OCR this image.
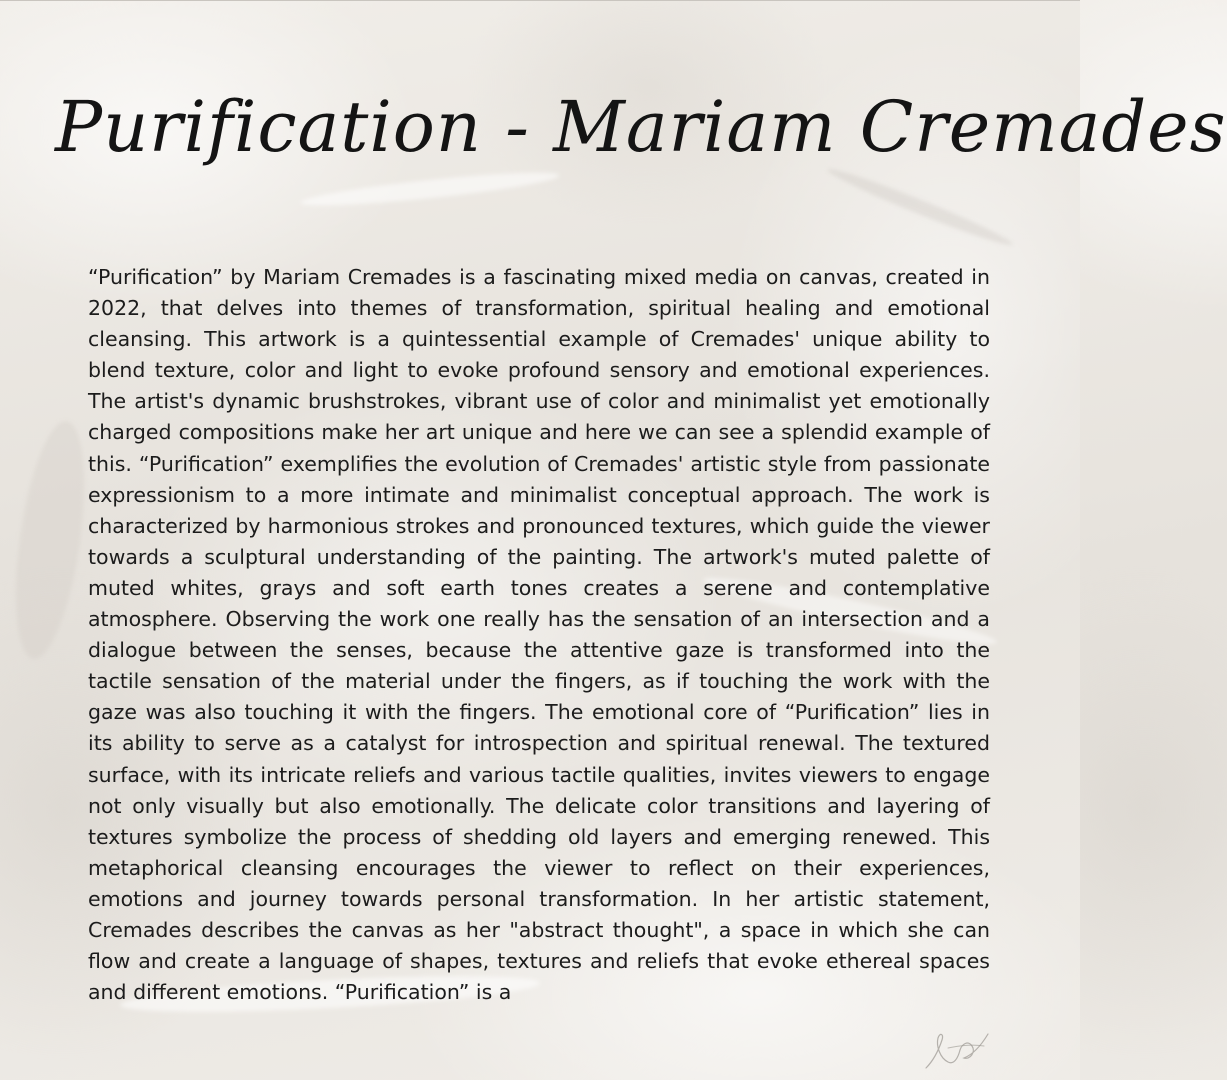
Purification - Mariam Cremades

“Purification” by Mariam Cremades is a fascinating mixed media on canvas, created in 2022, that delves into themes of transformation, spiritual healing and emotional cleansing. This artwork is a quintessential example of Cremades' unique ability to blend texture, color and light to evoke profound sensory and emotional experiences. The artist's dynamic brushstrokes, vibrant use of color and minimalist yet emotionally charged compositions make her art unique and here we can see a splendid example of this. “Purification” exemplifies the evolution of Cremades' artistic style from passionate expressionism to a more intimate and minimalist conceptual approach. The work is characterized by harmonious strokes and pronounced textures, which guide the viewer towards a sculptural understanding of the painting. The artwork's muted palette of muted whites, grays and soft earth tones creates a serene and contemplative atmosphere. Observing the work one really has the sensation of an intersection and a dialogue between the senses, because the attentive gaze is transformed into the tactile sensation of the material under the fingers, as if touching the work with the gaze was also touching it with the fingers. The emotional core of “Purification” lies in its ability to serve as a catalyst for introspection and spiritual renewal. The textured surface, with its intricate reliefs and various tactile qualities, invites viewers to engage not only visually but also emotionally. The delicate color transitions and layering of textures symbolize the process of shedding old layers and emerging renewed. This metaphorical cleansing encourages the viewer to reflect on their experiences, emotions and journey towards personal transformation. In her artistic statement, Cremades describes the canvas as her "abstract thought", a space in which she can flow and create a language of shapes, textures and reliefs that evoke ethereal spaces and different emotions. “Purification” is a
